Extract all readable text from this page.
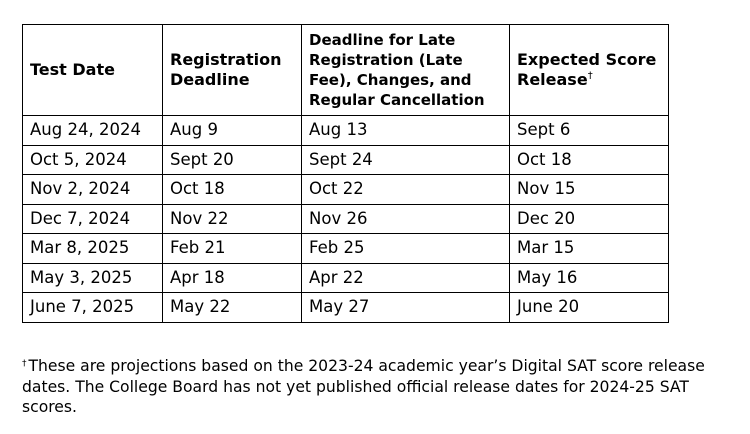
Test Date	Registration Deadline	Deadline for Late Registration (Late Fee), Changes, and Regular Cancellation	Expected Score Release†
Aug 24, 2024	Aug 9	Aug 13	Sept 6
Oct 5, 2024	Sept 20	Sept 24	Oct 18
Nov 2, 2024	Oct 18	Oct 22	Nov 15
Dec 7, 2024	Nov 22	Nov 26	Dec 20
Mar 8, 2025	Feb 21	Feb 25	Mar 15
May 3, 2025	Apr 18	Apr 22	May 16
June 7, 2025	May 22	May 27	June 20

† These are projections based on the 2023-24 academic year’s Digital SAT score release dates. The College Board has not yet published official release dates for 2024-25 SAT scores.
